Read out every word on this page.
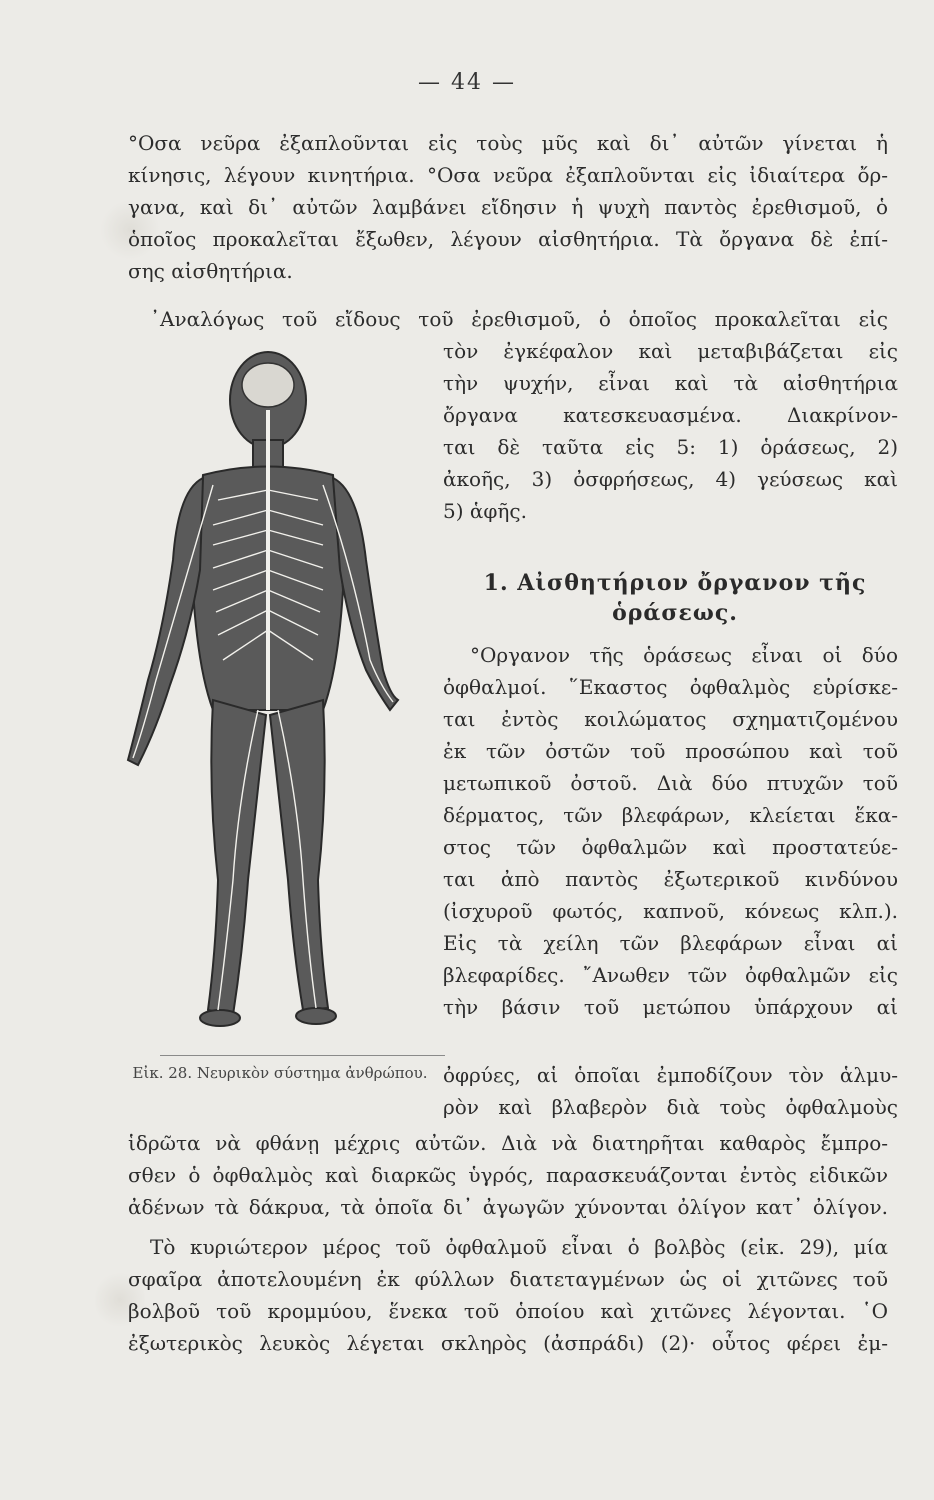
— 44 —
°Οσα νεῦρα ἐξαπλοῦνται εἰς τοὺς μῦς καὶ δι᾽ αὐτῶν γίνεται ἡ
κίνησις, λέγουν κινητήρια. °Οσα νεῦρα ἐξαπλοῦνται εἰς ἰδιαίτερα ὄρ-
γανα, καὶ δι᾽ αὐτῶν λαμβάνει εἴδησιν ἡ ψυχὴ παντὸς ἐρεθισμοῦ, ὁ
ὁποῖος προκαλεῖται ἔξωθεν, λέγουν αἰσθητήρια. Τὰ ὄργανα δὲ ἐπί-
σης αἰσθητήρια.
᾽Αναλόγως τοῦ εἴδους τοῦ ἐρεθισμοῦ, ὁ ὁποῖος προκαλεῖται εἰς
Εἰκ. 28. Νευρικὸν σύστημα ἀνθρώπου.
τὸν ἐγκέφαλον καὶ μεταβιβάζεται εἰς
τὴν ψυχήν, εἶναι καὶ τὰ αἰσθητήρια
ὄργανα κατεσκευασμένα. Διακρίνον-
ται δὲ ταῦτα εἰς 5: 1) ὁράσεως, 2)
ἀκοῆς, 3) ὀσφρήσεως, 4) γεύσεως καὶ
5) ἁφῆς.
1. Αἰσθητήριον ὄργανον τῆς ὁράσεως.
°Οργανον τῆς ὁράσεως εἶναι οἱ δύο
ὀφθαλμοί. ῞Εκαστος ὀφθαλμὸς εὑρίσκε-
ται ἐντὸς κοιλώματος σχηματιζομένου
ἐκ τῶν ὀστῶν τοῦ προσώπου καὶ τοῦ
μετωπικοῦ ὀστοῦ. Διὰ δύο πτυχῶν τοῦ
δέρματος, τῶν βλεφάρων, κλείεται ἕκα-
στος τῶν ὀφθαλμῶν καὶ προστατεύε-
ται ἀπὸ παντὸς ἐξωτερικοῦ κινδύνου
(ἰσχυροῦ φωτός, καπνοῦ, κόνεως κλπ.).
Εἰς τὰ χείλη τῶν βλεφάρων εἶναι αἱ
βλεφαρίδες. ῎Ανωθεν τῶν ὀφθαλμῶν εἰς
τὴν βάσιν τοῦ μετώπου ὑπάρχουν αἱ
ὀφρύες, αἱ ὁποῖαι ἐμποδίζουν τὸν ἁλμυ-
ρὸν καὶ βλαβερὸν διὰ τοὺς ὀφθαλμοὺς
ἱδρῶτα νὰ φθάνῃ μέχρις αὐτῶν. Διὰ νὰ διατηρῆται καθαρὸς ἔμπρο-
σθεν ὁ ὀφθαλμὸς καὶ διαρκῶς ὑγρός, παρασκευάζονται ἐντὸς εἰδικῶν
ἀδένων τὰ δάκρυα, τὰ ὁποῖα δι᾽ ἀγωγῶν χύνονται ὀλίγον κατ᾽ ὀλίγον.
Τὸ κυριώτερον μέρος τοῦ ὀφθαλμοῦ εἶναι ὁ βολβὸς (εἰκ. 29), μία
σφαῖρα ἀποτελουμένη ἐκ φύλλων διατεταγμένων ὡς οἱ χιτῶνες τοῦ
βολβοῦ τοῦ κρομμύου, ἕνεκα τοῦ ὁποίου καὶ χιτῶνες λέγονται. ῾Ο
ἐξωτερικὸς λευκὸς λέγεται σκληρὸς (ἀσπράδι) (2)· οὗτος φέρει ἐμ-
